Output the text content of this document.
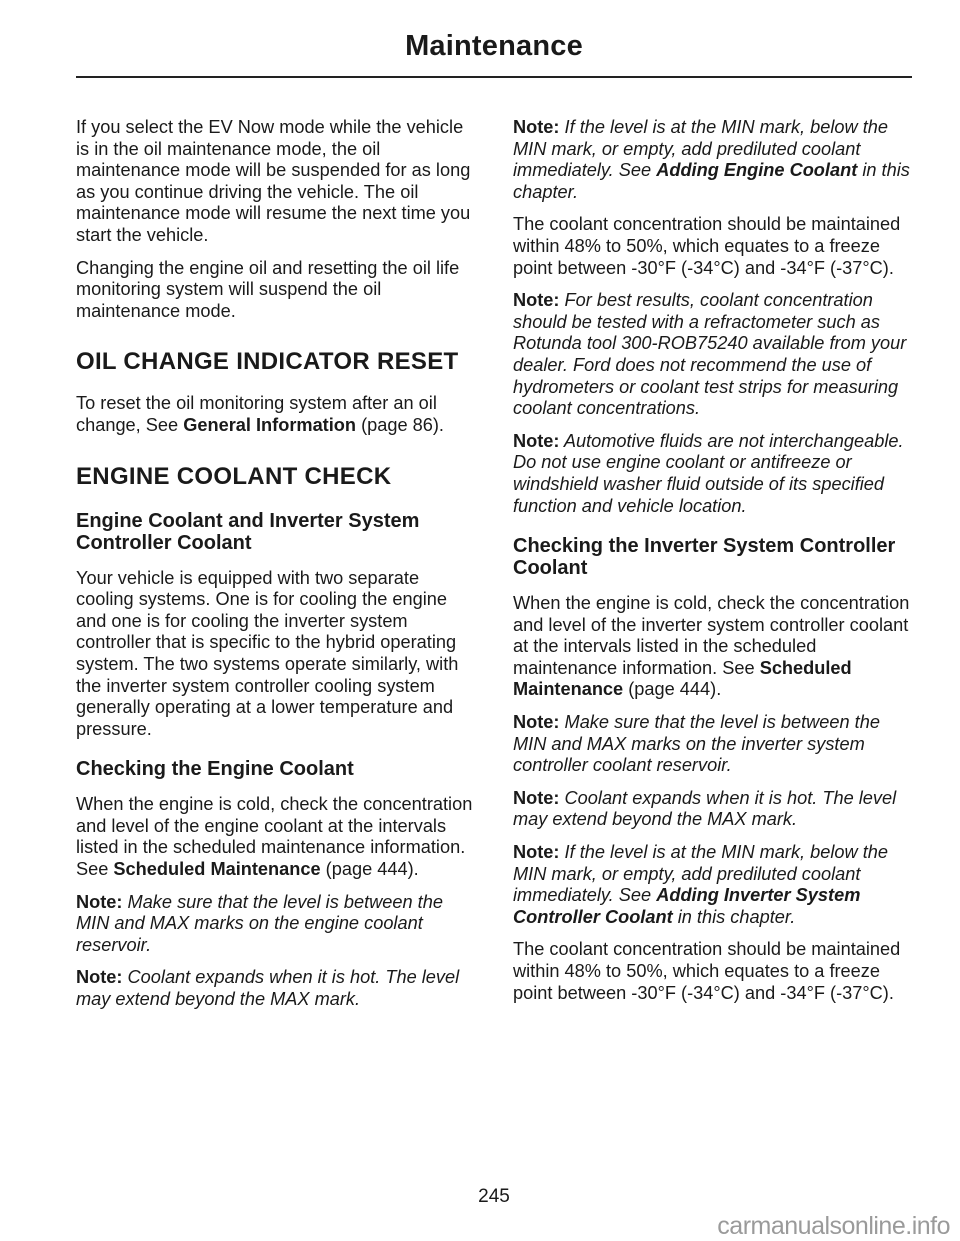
Maintenance

If you select the EV Now mode while the vehicle is in the oil maintenance mode, the oil maintenance mode will be suspended for as long as you continue driving the vehicle. The oil maintenance mode will resume the next time you start the vehicle.

Changing the engine oil and resetting the oil life monitoring system will suspend the oil maintenance mode.

OIL CHANGE INDICATOR RESET

To reset the oil monitoring system after an oil change, See General Information (page 86).

ENGINE COOLANT CHECK
Engine Coolant and Inverter System Controller Coolant

Your vehicle is equipped with two separate cooling systems. One is for cooling the engine and one is for cooling the inverter system controller that is specific to the hybrid operating system. The two systems operate similarly, with the inverter system controller cooling system generally operating at a lower temperature and pressure.

Checking the Engine Coolant

When the engine is cold, check the concentration and level of the engine coolant at the intervals listed in the scheduled maintenance information. See Scheduled Maintenance (page 444).

Note: Make sure that the level is between the MIN and MAX marks on the engine coolant reservoir.

Note: Coolant expands when it is hot. The level may extend beyond the MAX mark.

Note: If the level is at the MIN mark, below the MIN mark, or empty, add prediluted coolant immediately. See Adding Engine Coolant in this chapter.

The coolant concentration should be maintained within 48% to 50%, which equates to a freeze point between -30°F (-34°C) and -34°F (-37°C).

Note: For best results, coolant concentration should be tested with a refractometer such as Rotunda tool 300-ROB75240 available from your dealer. Ford does not recommend the use of hydrometers or coolant test strips for measuring coolant concentrations.

Note: Automotive fluids are not interchangeable. Do not use engine coolant or antifreeze or windshield washer fluid outside of its specified function and vehicle location.

Checking the Inverter System Controller Coolant

When the engine is cold, check the concentration and level of the inverter system controller coolant at the intervals listed in the scheduled maintenance information. See Scheduled Maintenance (page 444).

Note: Make sure that the level is between the MIN and MAX marks on the inverter system controller coolant reservoir.

Note: Coolant expands when it is hot. The level may extend beyond the MAX mark.

Note: If the level is at the MIN mark, below the MIN mark, or empty, add prediluted coolant immediately. See Adding Inverter System Controller Coolant in this chapter.

The coolant concentration should be maintained within 48% to 50%, which equates to a freeze point between -30°F (-34°C) and -34°F (-37°C).

245
carmanualsonline.info
